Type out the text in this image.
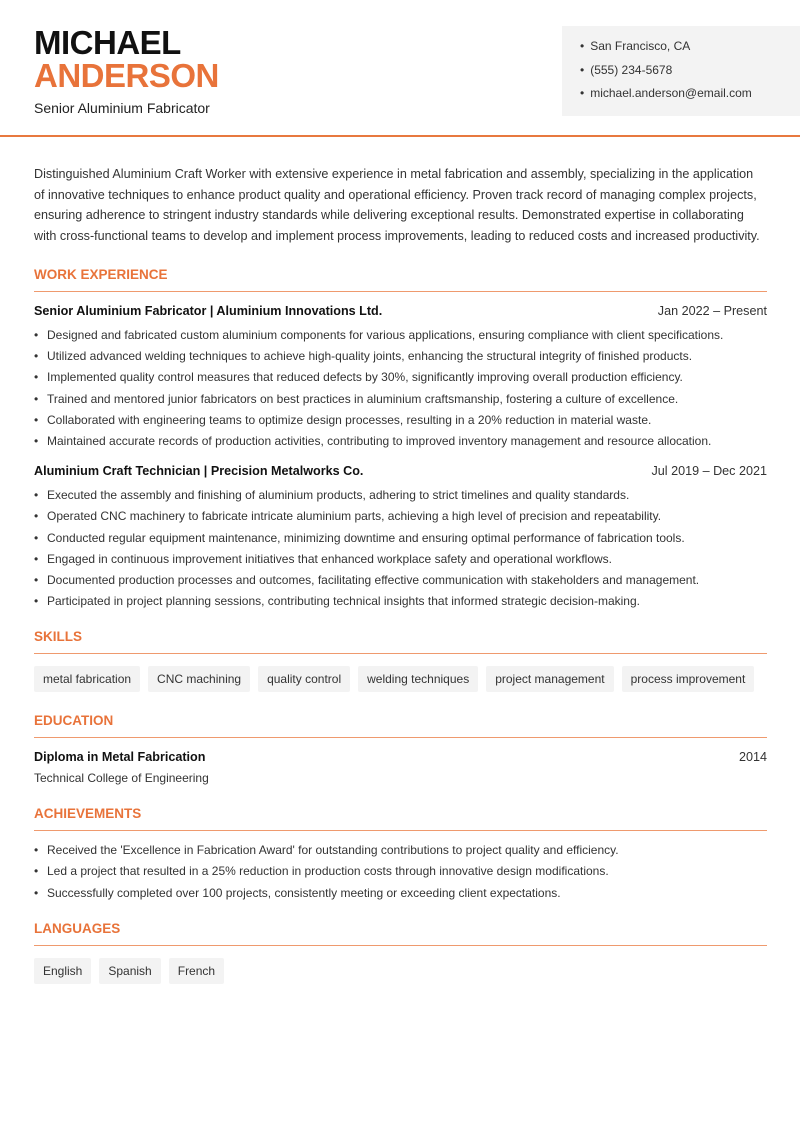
MICHAEL
ANDERSON
Senior Aluminium Fabricator
• San Francisco, CA
• (555) 234-5678
• michael.anderson@email.com

Distinguished Aluminium Craft Worker with extensive experience in metal fabrication and assembly, specializing in the application of innovative techniques to enhance product quality and operational efficiency. Proven track record of managing complex projects, ensuring adherence to stringent industry standards while delivering exceptional results. Demonstrated expertise in collaborating with cross-functional teams to develop and implement process improvements, leading to reduced costs and increased productivity.

WORK EXPERIENCE
Senior Aluminium Fabricator | Aluminium Innovations Ltd.	Jan 2022 – Present
• Designed and fabricated custom aluminium components for various applications, ensuring compliance with client specifications.
• Utilized advanced welding techniques to achieve high-quality joints, enhancing the structural integrity of finished products.
• Implemented quality control measures that reduced defects by 30%, significantly improving overall production efficiency.
• Trained and mentored junior fabricators on best practices in aluminium craftsmanship, fostering a culture of excellence.
• Collaborated with engineering teams to optimize design processes, resulting in a 20% reduction in material waste.
• Maintained accurate records of production activities, contributing to improved inventory management and resource allocation.
Aluminium Craft Technician | Precision Metalworks Co.	Jul 2019 – Dec 2021
• Executed the assembly and finishing of aluminium products, adhering to strict timelines and quality standards.
• Operated CNC machinery to fabricate intricate aluminium parts, achieving a high level of precision and repeatability.
• Conducted regular equipment maintenance, minimizing downtime and ensuring optimal performance of fabrication tools.
• Engaged in continuous improvement initiatives that enhanced workplace safety and operational workflows.
• Documented production processes and outcomes, facilitating effective communication with stakeholders and management.
• Participated in project planning sessions, contributing technical insights that informed strategic decision-making.
SKILLS
metal fabrication	CNC machining	quality control	welding techniques	project management	process improvement
EDUCATION
Diploma in Metal Fabrication	2014
Technical College of Engineering
ACHIEVEMENTS
• Received the 'Excellence in Fabrication Award' for outstanding contributions to project quality and efficiency.
• Led a project that resulted in a 25% reduction in production costs through innovative design modifications.
• Successfully completed over 100 projects, consistently meeting or exceeding client expectations.
LANGUAGES
English	Spanish	French
